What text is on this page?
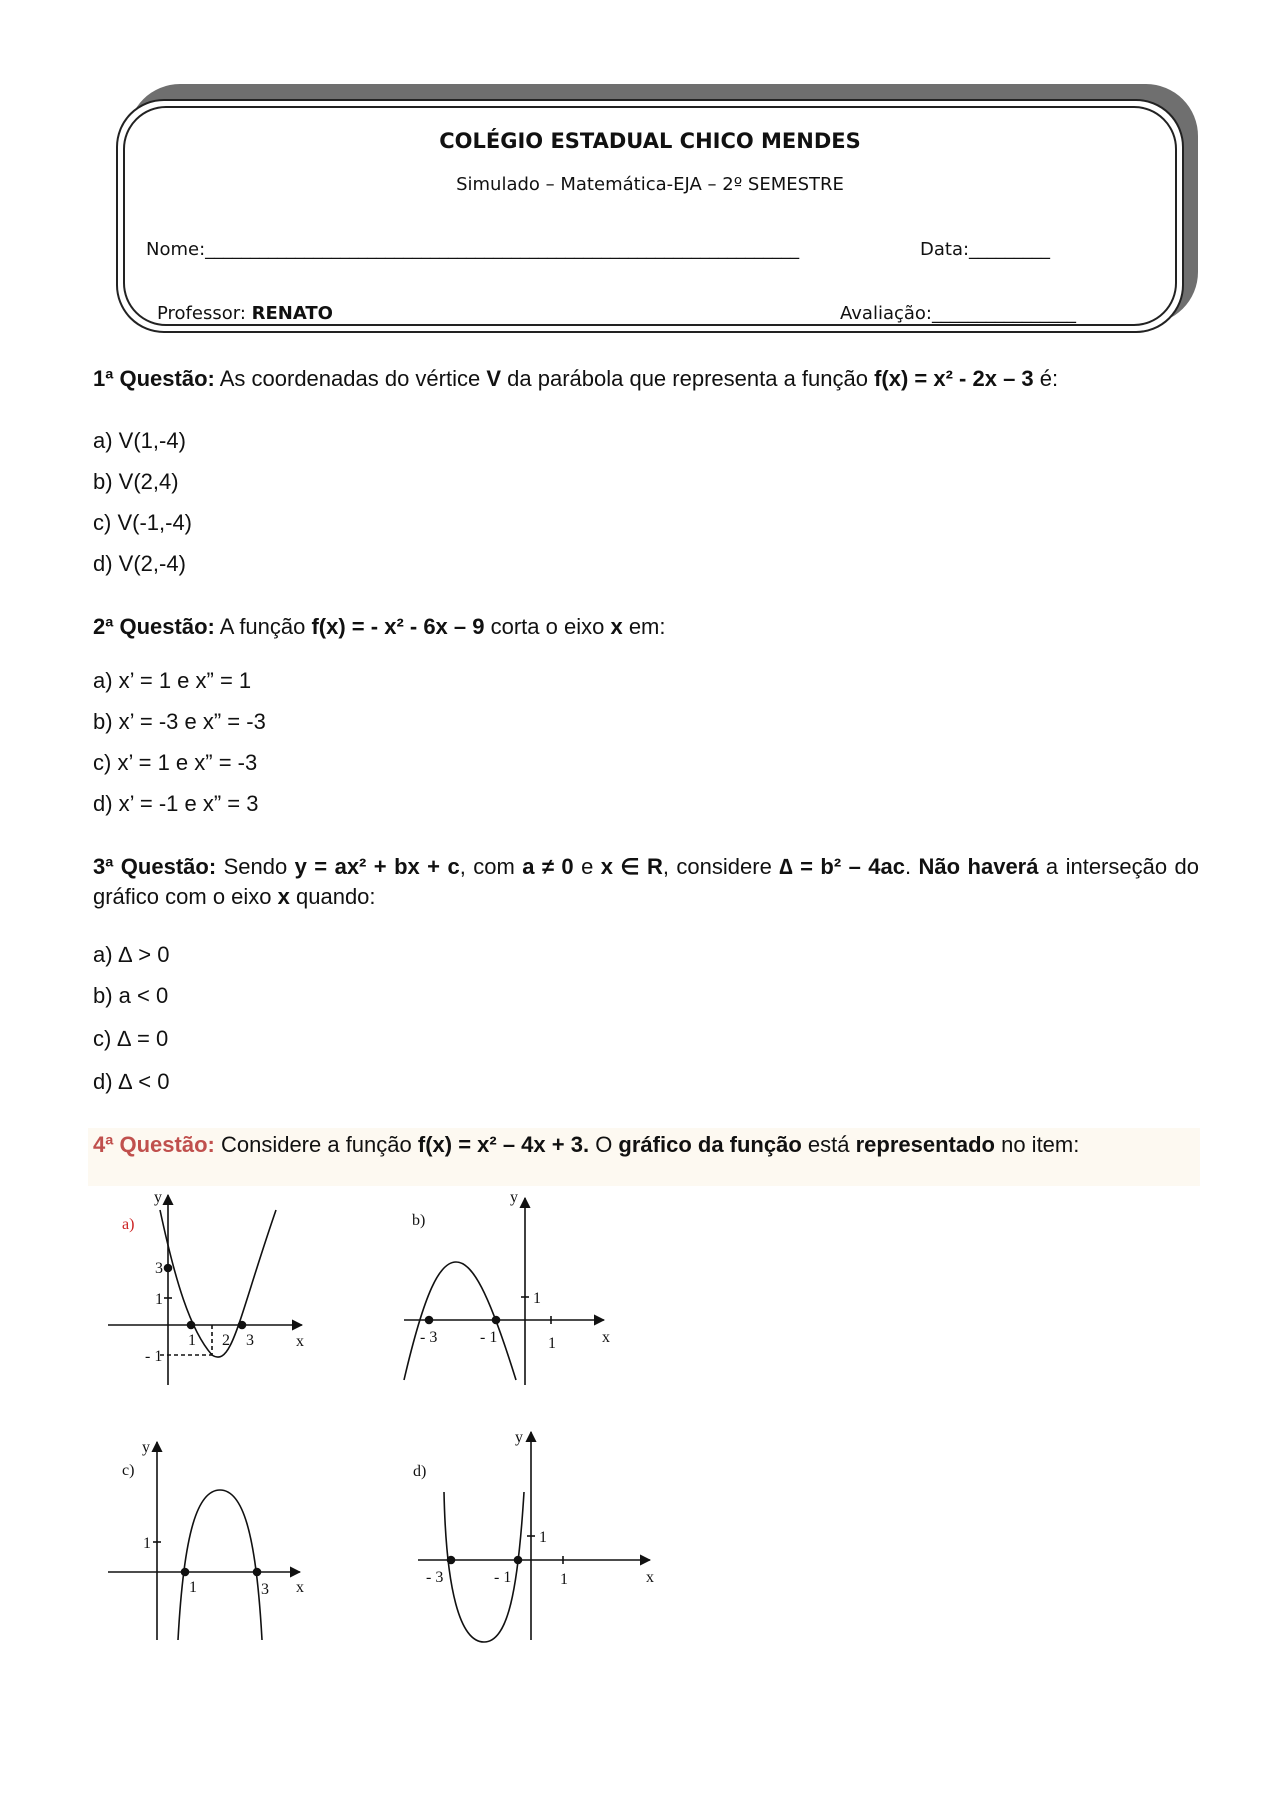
COLÉGIO ESTADUAL CHICO MENDES
Simulado – Matemática-EJA – 2º SEMESTRE
Nome:__________________________________________________________________	Data:_________
Professor: RENATO	Avaliação:________________
1ª Questão: As coordenadas do vértice V da parábola que representa a função f(x) = x² - 2x – 3 é:
a) V(1,-4)
b) V(2,4)
c) V(-1,-4)
d) V(2,-4)
2ª Questão: A função f(x) = - x² - 6x – 9 corta o eixo x em:
a) x’ = 1 e x” = 1
b) x’ = -3 e x” = -3
c) x’ = 1 e x” = -3
d) x’ = -1 e x” = 3
3ª Questão: Sendo y = ax² + bx + c, com a ≠ 0 e x ∈ R, considere ∆ = b² – 4ac. Não haverá a interseção do gráfico com o eixo x quando:
a) ∆ > 0
b) a < 0
c) ∆ = 0
d) ∆ < 0
4ª Questão: Considere a função f(x) = x² – 4x + 3. O gráfico da função está representado no item:
a)
y
x
3
1
- 1
1 2 3
b)
y
x
- 3	- 1
1
1
c)
y
x
1
1	3
d)
y
x
- 3	- 1
1
1
